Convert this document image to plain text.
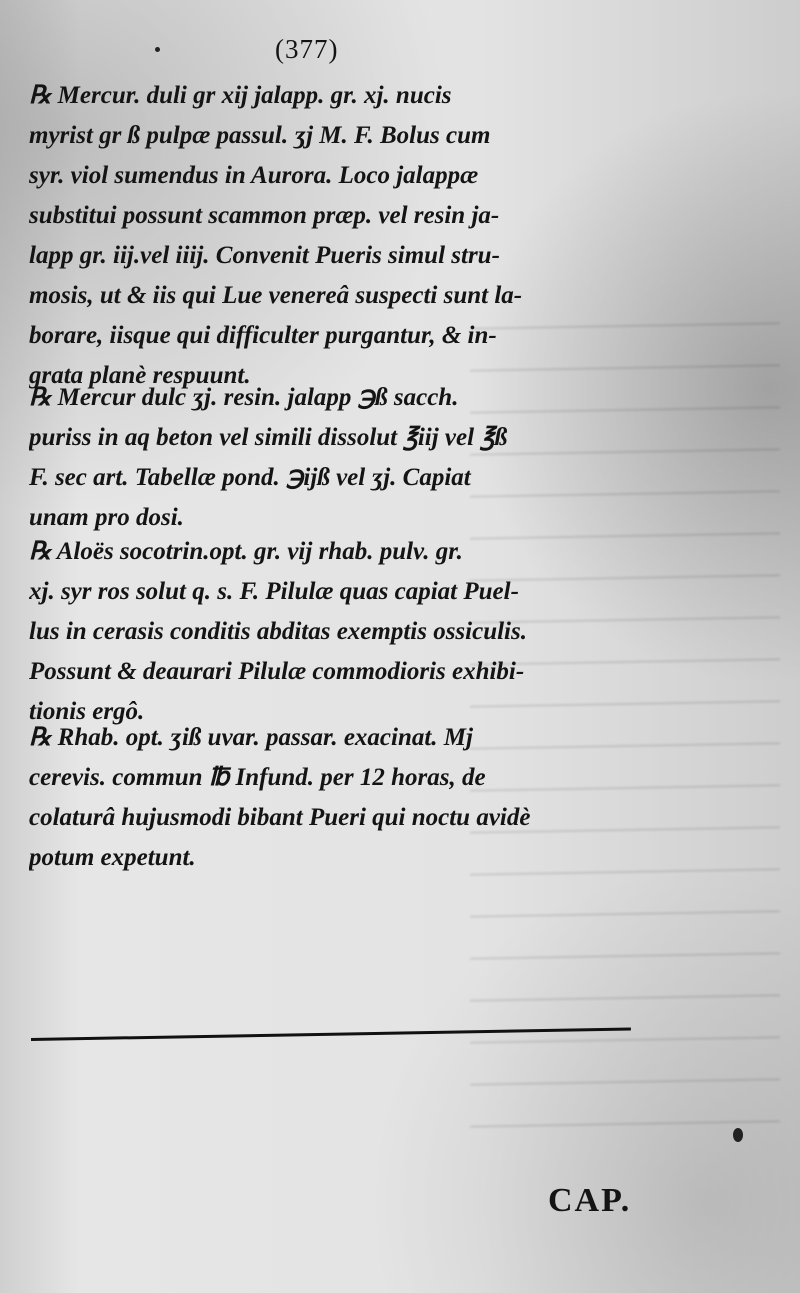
(377)
℞ Mercur. duli gr xij jalapp. gr. xj. nucis
myrist gr ß pulpæ passul. ʒj M. F. Bolus cum
syr. viol sumendus in Aurora. Loco jalappæ
substitui possunt scammon præp. vel resin ja-
lapp gr. iij.vel iiij. Convenit Pueris simul stru-
mosis, ut & iis qui Lue venereâ suspecti sunt la-
borare, iisque qui difficulter purgantur, & in-
grata planè respuunt.
℞ Mercur dulc ʒj. resin. jalapp ℈ß sacch.
puriss in aq beton vel simili dissolut ℥iij vel ℥ß
F. sec art. Tabellæ pond. ℈ijß vel ʒj. Capiat
unam pro dosi.
℞ Aloës socotrin.opt. gr. vij rhab. pulv. gr.
xj. syr ros solut q. s. F. Pilulæ quas capiat Puel-
lus in cerasis conditis abditas exemptis ossiculis.
Possunt & deaurari Pilulæ commodioris exhibi-
tionis ergô.
℞ Rhab. opt. ʒiß uvar. passar. exacinat. Mj
cerevis. commun ℔ Infund. per 12 horas, de
colaturâ hujusmodi bibant Pueri qui noctu avidè
potum expetunt.
CAP.
